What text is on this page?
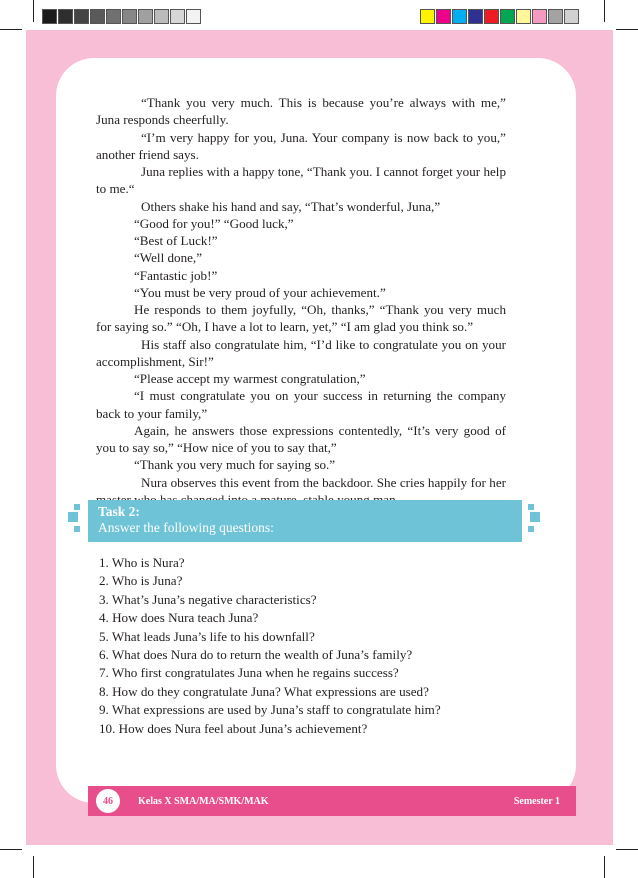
“Thank you very much. This is because you’re always with me,” Juna responds cheerfully.

“I’m very happy for you, Juna. Your company is now back to you,” another friend says.

Juna replies with a happy tone, “Thank you. I cannot forget your help to me.“

Others shake his hand and say, “That’s wonderful, Juna,”

“Good for you!” “Good luck,”

“Best of Luck!”

“Well done,”

“Fantastic job!”

“You must be very proud of your achievement.”

He responds to them joyfully, “Oh, thanks,” “Thank you very much for saying so.” “Oh, I have a lot to learn, yet,” “I am glad you think so.”

His staff also congratulate him, “I’d like to congratulate you on your accomplishment, Sir!”

“Please accept my warmest congratulation,”

“I must congratulate you on your success in returning the company back to your family,”

Again, he answers those expressions contentedly, “It’s very good of you to say so,” “How nice of you to say that,”

“Thank you very much for saying so.”

Nura observes this event from the backdoor. She cries happily for her

Task 2:
Answer the following questions:
1. Who is Nura?
2. Who is Juna?
3. What’s Juna’s negative characteristics?
4. How does Nura teach Juna?
5. What leads Juna’s life to his downfall?
6. What does Nura do to return the wealth of Juna’s family?
7. Who first congratulates Juna when he regains success?
8. How do they congratulate Juna? What expressions are used?
9. What expressions are used by Juna’s staff to congratulate him?
10. How does Nura feel about Juna’s achievement?
46	Kelas X SMA/MA/SMK/MAK	Semester 1
